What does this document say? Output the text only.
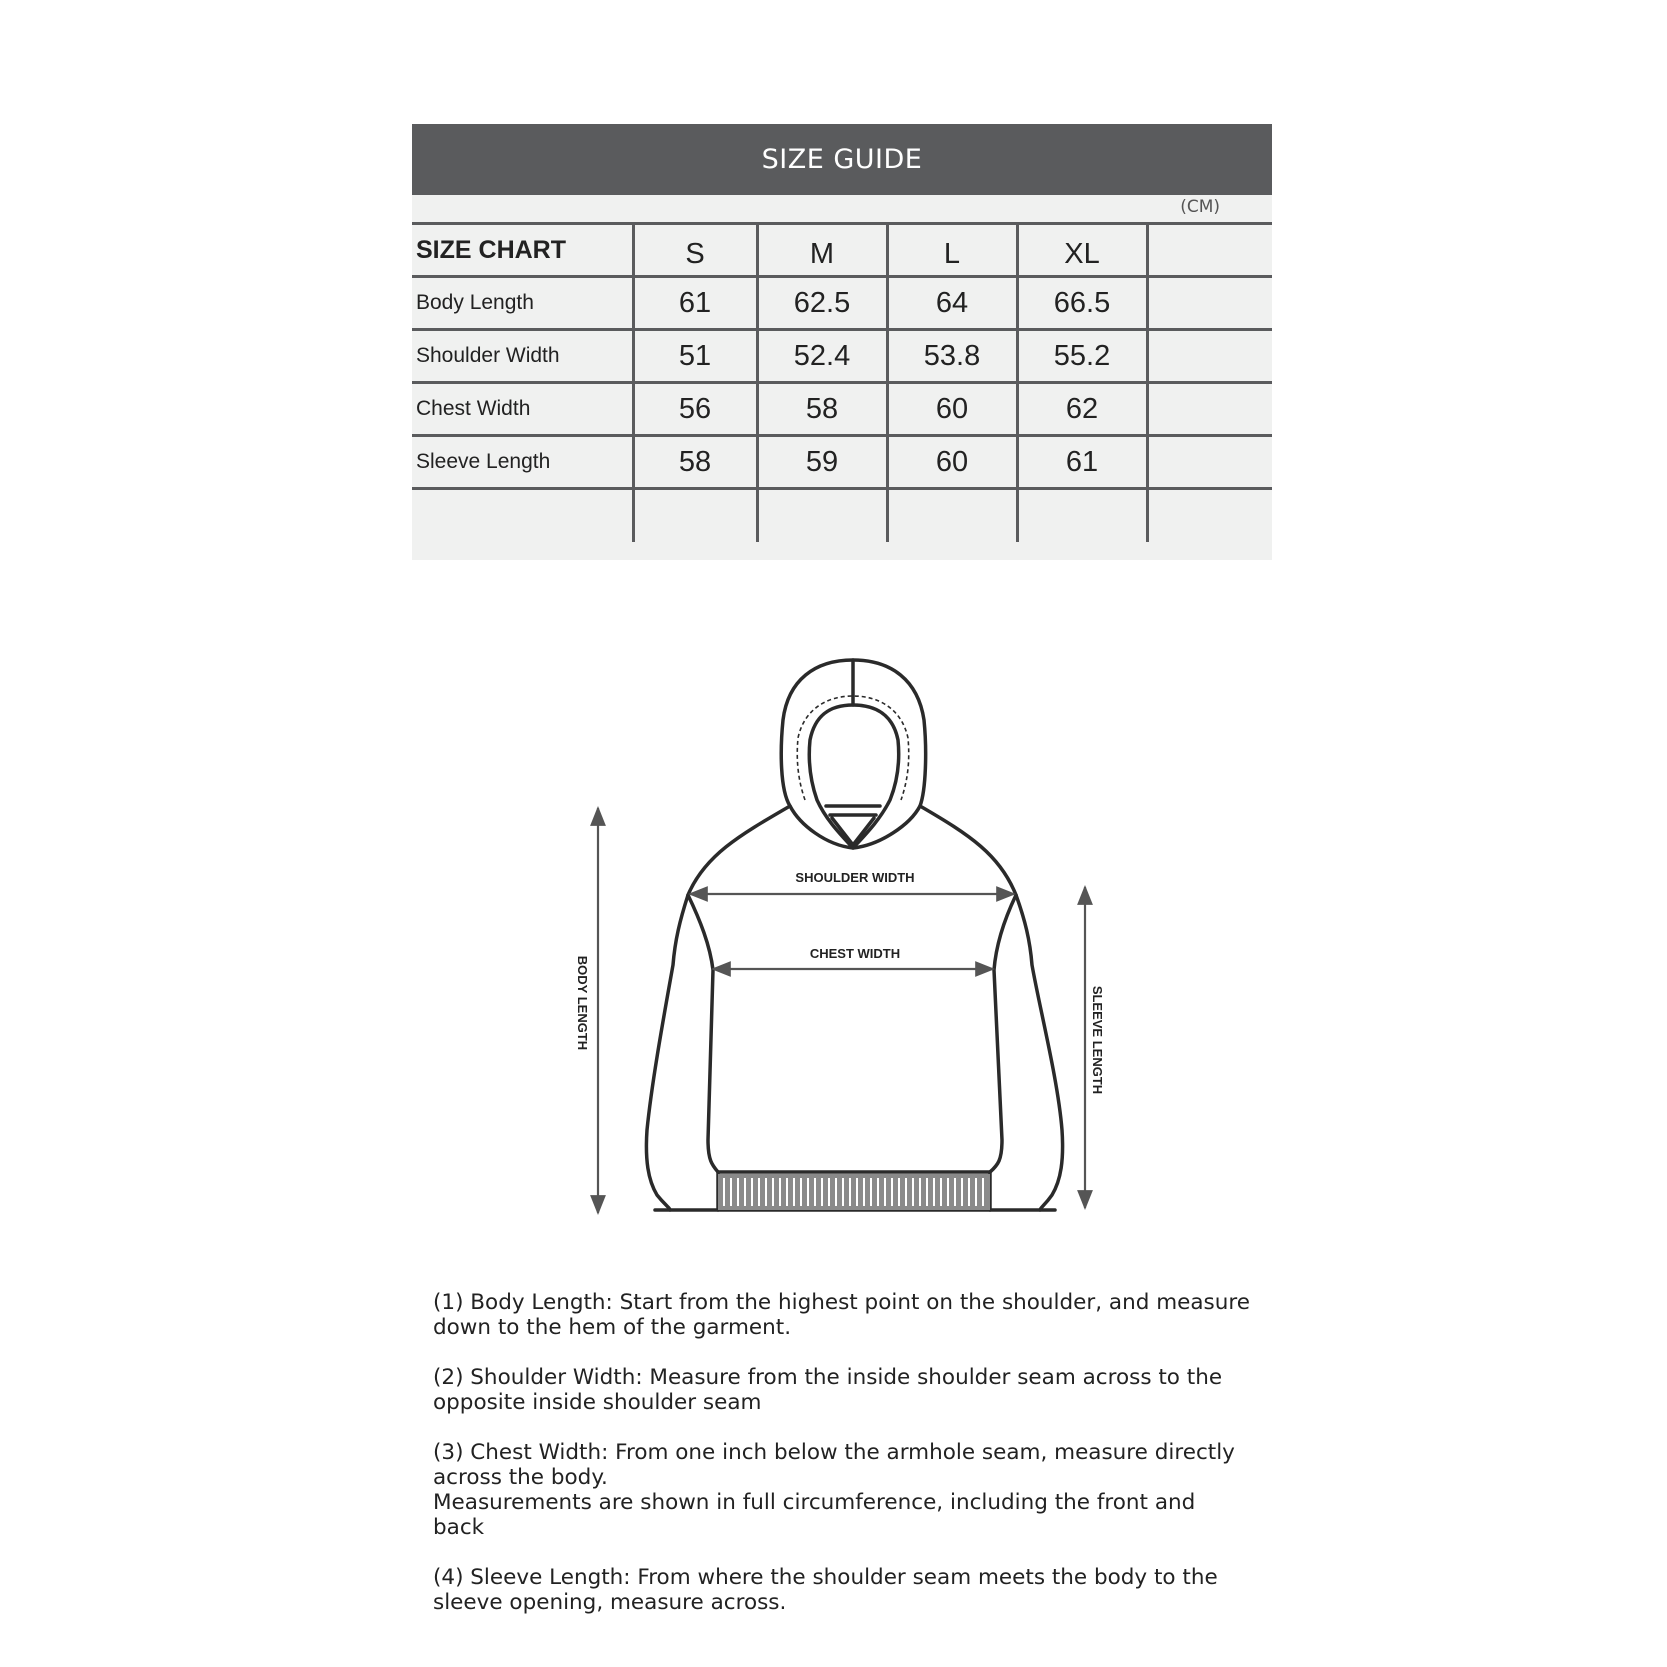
SIZE GUIDE
(CM)
SIZE CHART	S	M	L	XL	
Body Length	61	62.5	64	66.5	
Shoulder Width	51	52.4	53.8	55.2	
Chest Width	56	58	60	62	
Sleeve Length	58	59	60	61	

SHOULDER WIDTH
CHEST WIDTH
BODY LENGTH	SLEEVE LENGTH
(1) Body Length: Start from the highest point on the shoulder, and measure
down to the hem of the garment.
(2) Shoulder Width: Measure from the inside shoulder seam across to the
opposite inside shoulder seam
(3) Chest Width: From one inch below the armhole seam, measure directly
across the body.
Measurements are shown in full circumference, including the front and back
(4) Sleeve Length: From where the shoulder seam meets the body to the
sleeve opening, measure across.
